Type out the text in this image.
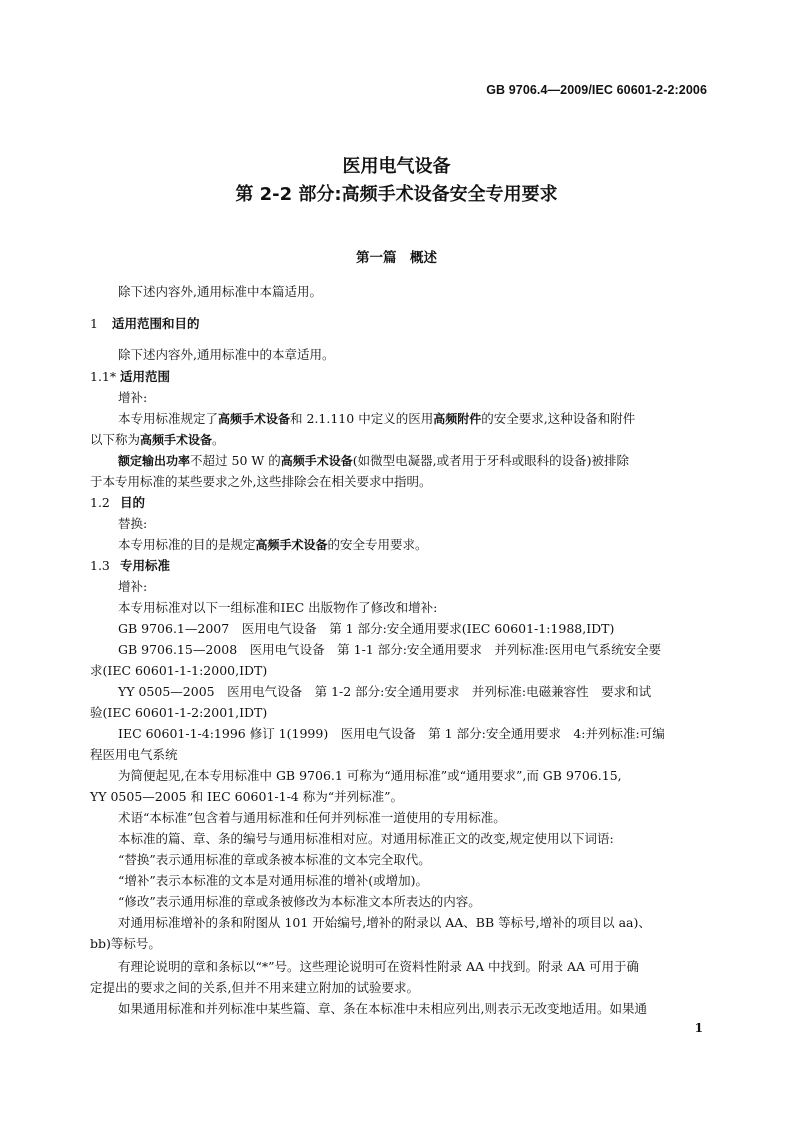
GB 9706.4—2009/IEC 60601-2-2:2006
医用电气设备
第 2-2 部分:高频手术设备安全专用要求
第一篇　概述
除下述内容外,通用标准中本篇适用。
1 适用范围和目的
除下述内容外,通用标准中的本章适用。
1.1* 适用范围
增补:
本专用标准规定了高频手术设备和 2.1.110 中定义的医用高频附件的安全要求,这种设备和附件
以下称为高频手术设备。
额定输出功率不超过 50 W 的高频手术设备(如微型电凝器,或者用于牙科或眼科的设备)被排除
于本专用标准的某些要求之外,这些排除会在相关要求中指明。
1.2 目的
替换:
本专用标准的目的是规定高频手术设备的安全专用要求。
1.3 专用标准
增补:
本专用标准对以下一组标准和IEC 出版物作了修改和增补:
GB 9706.1—2007　医用电气设备　第 1 部分:安全通用要求(IEC 60601-1:1988,IDT)
GB 9706.15—2008　医用电气设备　第 1-1 部分:安全通用要求　并列标准:医用电气系统安全要
求(IEC 60601-1-1:2000,IDT)
YY 0505—2005　医用电气设备　第 1-2 部分:安全通用要求　并列标准:电磁兼容性　要求和试
验(IEC 60601-1-2:2001,IDT)
IEC 60601-1-4:1996 修订 1(1999)　医用电气设备　第 1 部分:安全通用要求　4:并列标准:可编
程医用电气系统
为简便起见,在本专用标准中 GB 9706.1 可称为“通用标准”或“通用要求”,而 GB 9706.15,
YY 0505—2005 和 IEC 60601-1-4 称为“并列标准”。
术语“本标准”包含着与通用标准和任何并列标准一道使用的专用标准。
本标准的篇、章、条的编号与通用标准相对应。对通用标准正文的改变,规定使用以下词语:
“替换”表示通用标准的章或条被本标准的文本完全取代。
“增补”表示本标准的文本是对通用标准的增补(或增加)。
“修改”表示通用标准的章或条被修改为本标准文本所表达的内容。
对通用标准增补的条和附图从 101 开始编号,增补的附录以 AA、BB 等标号,增补的项目以 aa)、
bb)等标号。
有理论说明的章和条标以“*”号。这些理论说明可在资料性附录 AA 中找到。附录 AA 可用于确
定提出的要求之间的关系,但并不用来建立附加的试验要求。
如果通用标准和并列标准中某些篇、章、条在本标准中未相应列出,则表示无改变地适用。如果通
1
